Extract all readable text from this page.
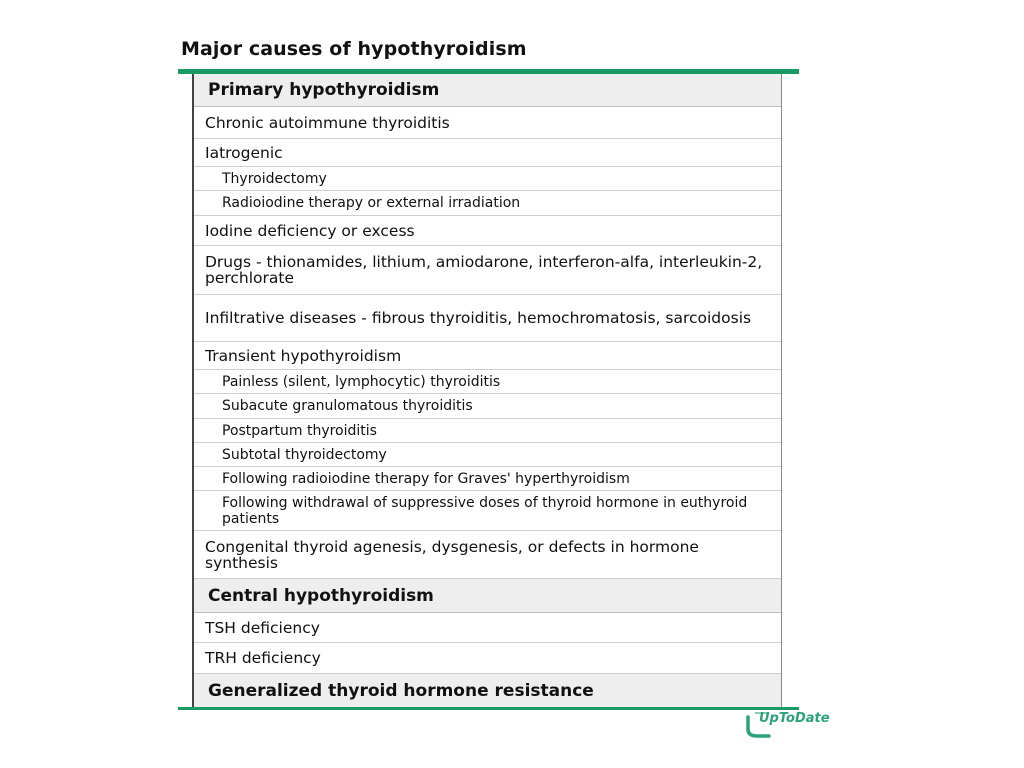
Major causes of hypothyroidism
Primary hypothyroidism
Chronic autoimmune thyroiditis
Iatrogenic
Thyroidectomy
Radioiodine therapy or external irradiation
Iodine deficiency or excess
Drugs - thionamides, lithium, amiodarone, interferon-alfa, interleukin-2, perchlorate
Infiltrative diseases - fibrous thyroiditis, hemochromatosis, sarcoidosis
Transient hypothyroidism
Painless (silent, lymphocytic) thyroiditis
Subacute granulomatous thyroiditis
Postpartum thyroiditis
Subtotal thyroidectomy
Following radioiodine therapy for Graves' hyperthyroidism
Following withdrawal of suppressive doses of thyroid hormone in euthyroid patients
Congenital thyroid agenesis, dysgenesis, or defects in hormone synthesis
Central hypothyroidism
TSH deficiency
TRH deficiency
Generalized thyroid hormone resistance
UpToDate
